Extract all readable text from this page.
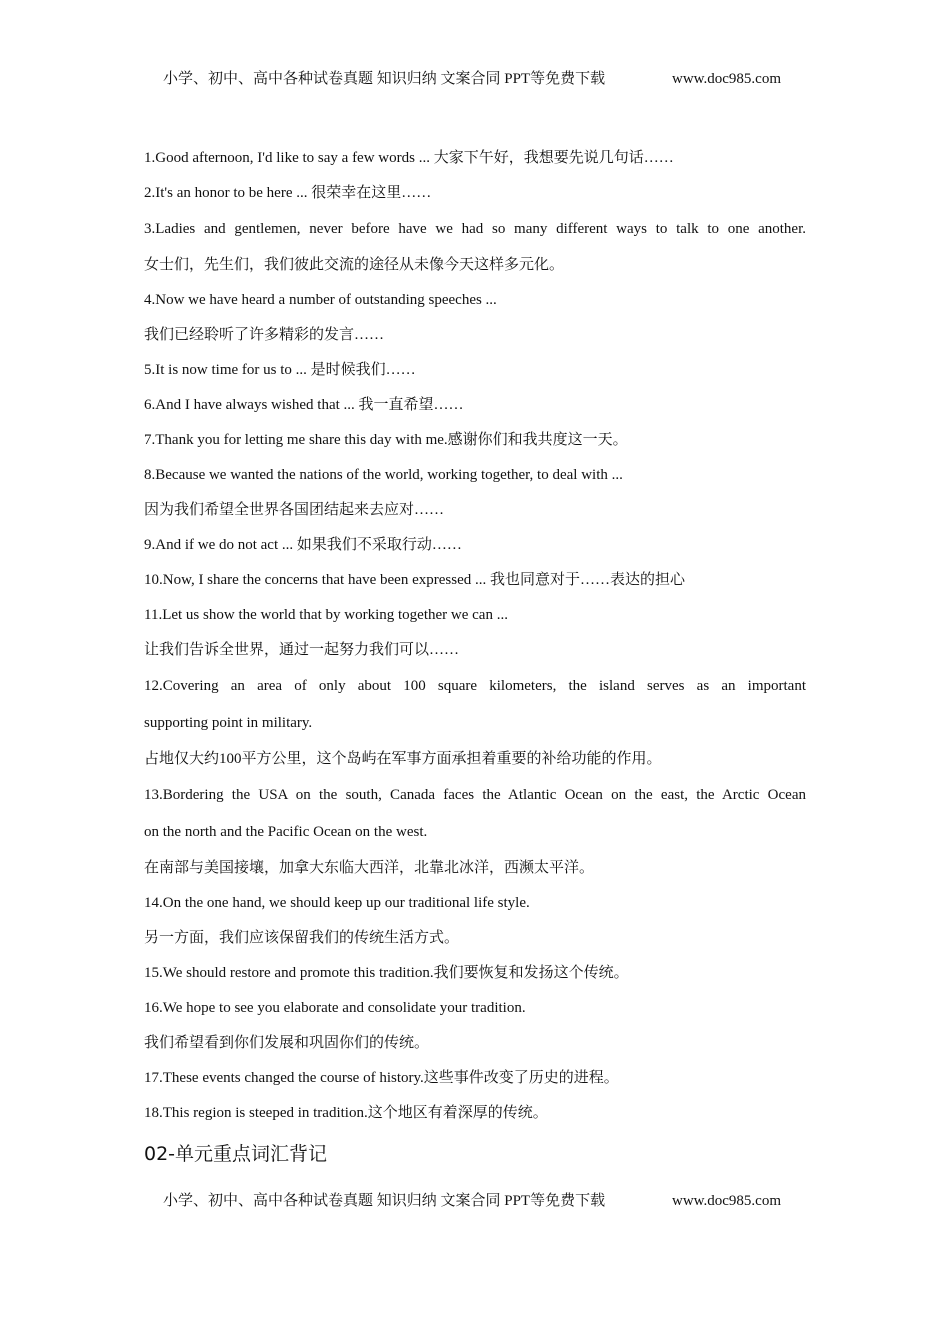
小学、初中、高中各种试卷真题 知识归纳 文案合同 PPT等免费下载	www.doc985.com
1.Good afternoon, I'd like to say a few words ... 大家下午好，我想要先说几句话……
2.It's an honor to be here ... 很荣幸在这里……
3.Ladies and gentlemen, never before have we had so many different ways to talk to one another.
女士们，先生们，我们彼此交流的途径从未像今天这样多元化。
4.Now we have heard a number of outstanding speeches ...
我们已经聆听了许多精彩的发言……
5.It is now time for us to ... 是时候我们……
6.And I have always wished that ... 我一直希望……
7.Thank you for letting me share this day with me.感谢你们和我共度这一天。
8.Because we wanted the nations of the world, working together, to deal with ...
因为我们希望全世界各国团结起来去应对……
9.And if we do not act ... 如果我们不采取行动……
10.Now, I share the concerns that have been expressed ... 我也同意对于……表达的担心
11.Let us show the world that by working together we can ...
让我们告诉全世界，通过一起努力我们可以……
12.Covering an area of only about 100 square kilometers, the island serves as an important
supporting point in military.
占地仅大约100平方公里，这个岛屿在军事方面承担着重要的补给功能的作用。
13.Bordering the USA on the south, Canada faces the Atlantic Ocean on the east, the Arctic Ocean
on the north and the Pacific Ocean on the west.
在南部与美国接壤，加拿大东临大西洋，北靠北冰洋，西濒太平洋。
14.On the one hand, we should keep up our traditional life style.
另一方面，我们应该保留我们的传统生活方式。
15.We should restore and promote this tradition.我们要恢复和发扬这个传统。
16.We hope to see you elaborate and consolidate your tradition.
我们希望看到你们发展和巩固你们的传统。
17.These events changed the course of history.这些事件改变了历史的进程。
18.This region is steeped in tradition.这个地区有着深厚的传统。
02-单元重点词汇背记
小学、初中、高中各种试卷真题 知识归纳 文案合同 PPT等免费下载	www.doc985.com
